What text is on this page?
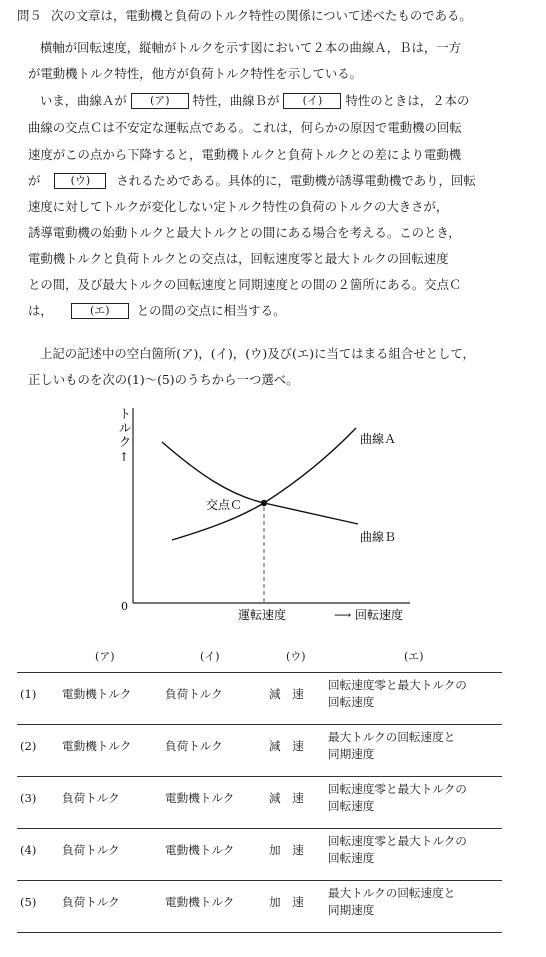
問５ 次の文章は，電動機と負荷のトルク特性の関係について述べたものである。
横軸が回転速度，縦軸がトルクを示す図において２本の曲線Ａ，Ｂは，一方
が電動機トルク特性，他方が負荷トルク特性を示している。
いま，曲線Ａが (ア) 特性，曲線Ｂが (イ) 特性のときは，２本の
曲線の交点Ｃは不安定な運転点である。これは，何らかの原因で電動機の回転
速度がこの点から下降すると，電動機トルクと負荷トルクとの差により電動機
が	(ウ) されるためである。具体的に，電動機が誘導電動機であり，回転
速度に対してトルクが変化しない定トルク特性の負荷のトルクの大きさが，
誘導電動機の始動トルクと最大トルクとの間にある場合を考える。このとき，
電動機トルクと負荷トルクとの交点は，回転速度零と最大トルクの回転速度
との間，及び最大トルクの回転速度と同期速度との間の２箇所にある。交点Ｃ
は，	(エ) との間の交点に相当する。
上記の記述中の空白箇所(ア)，(イ)，(ウ)及び(エ)に当てはまる組合せとして，
正しいものを次の(1)～(5)のうちから一つ選べ。
ト
ル
ク
↑
0
曲線Ａ
曲線Ｂ
交点Ｃ
運転速度	⟶ 回転速度
(ア)	(イ)	(ウ)	(エ)
(1) 電動機トルク	負荷トルク	減　速
回転速度零と最大トルクの
回転速度
(2) 電動機トルク	負荷トルク	減　速
最大トルクの回転速度と
同期速度
(3) 負荷トルク	電動機トルク	減　速
回転速度零と最大トルクの
回転速度
(4) 負荷トルク	電動機トルク	加　速
回転速度零と最大トルクの
回転速度
(5) 負荷トルク	電動機トルク	加　速
最大トルクの回転速度と
同期速度
